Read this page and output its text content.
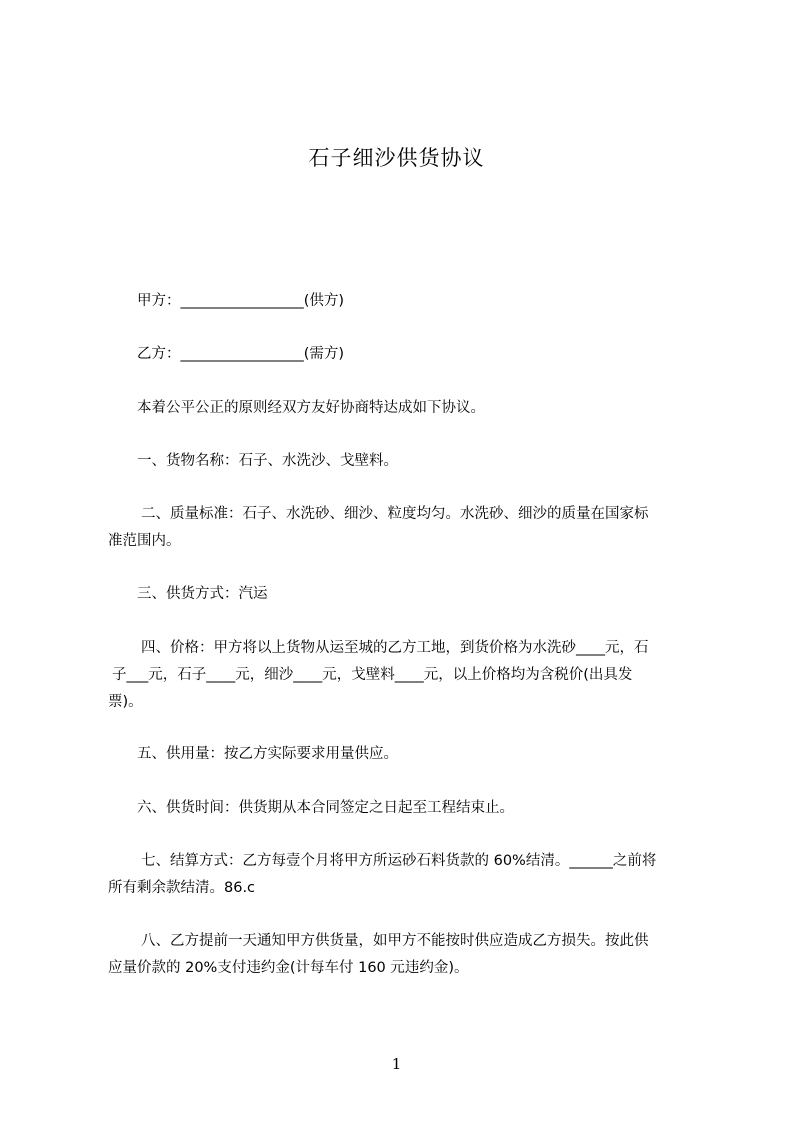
石子细沙供货协议
甲方：_________________(供方)
乙方：_________________(需方)
本着公平公正的原则经双方友好协商特达成如下协议。
一、货物名称：石子、水洗沙、戈壁料。
二、质量标准：石子、水洗砂、细沙、粒度均匀。水洗砂、细沙的质量在国家标
准范围内。
三、供货方式：汽运
四、价格：甲方将以上货物从运至城的乙方工地，到货价格为水洗砂____元，石
子___元，石子____元，细沙____元，戈壁料____元，以上价格均为含税价(出具发
票)。
五、供用量：按乙方实际要求用量供应。
六、供货时间：供货期从本合同签定之日起至工程结束止。
七、结算方式：乙方每壹个月将甲方所运砂石料货款的 60%结清。______之前将
所有剩余款结清。86.c
八、乙方提前一天通知甲方供货量，如甲方不能按时供应造成乙方损失。按此供
应量价款的 20%支付违约金(计每车付 160 元违约金)。
1
